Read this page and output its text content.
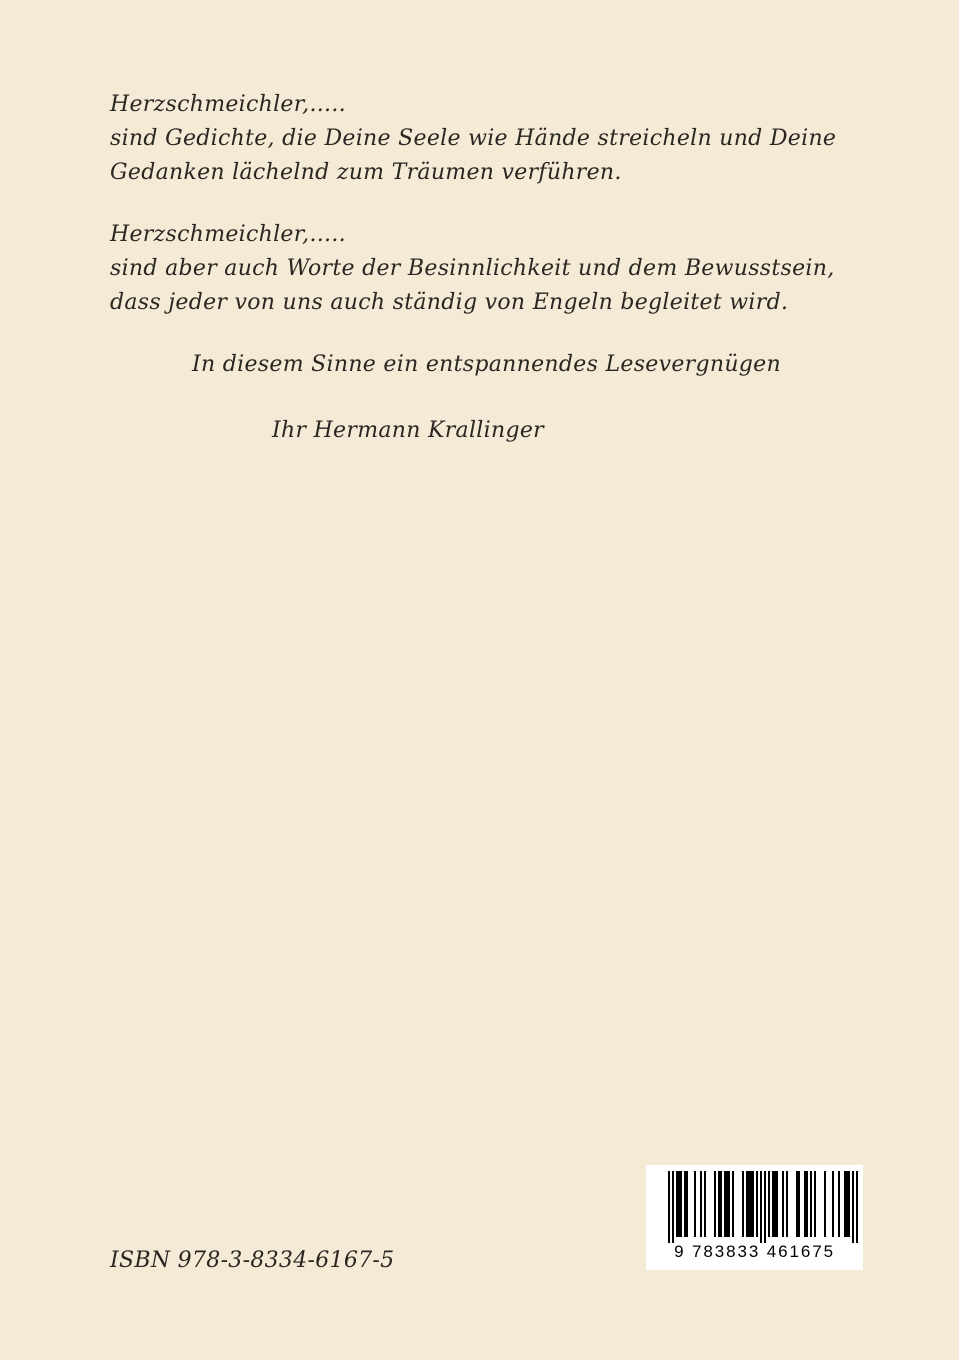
Herzschmeichler,.....
sind Gedichte, die Deine Seele wie Hände streicheln und Deine
Gedanken lächelnd zum Träumen verführen.

Herzschmeichler,.....
sind aber auch Worte der Besinnlichkeit und dem Bewusstsein,
dass jeder von uns auch ständig von Engeln begleitet wird.

In diesem Sinne ein entspannendes Lesevergnügen
Ihr Hermann Krallinger
ISBN 978-3-8334-6167-5	9 783833 461675
